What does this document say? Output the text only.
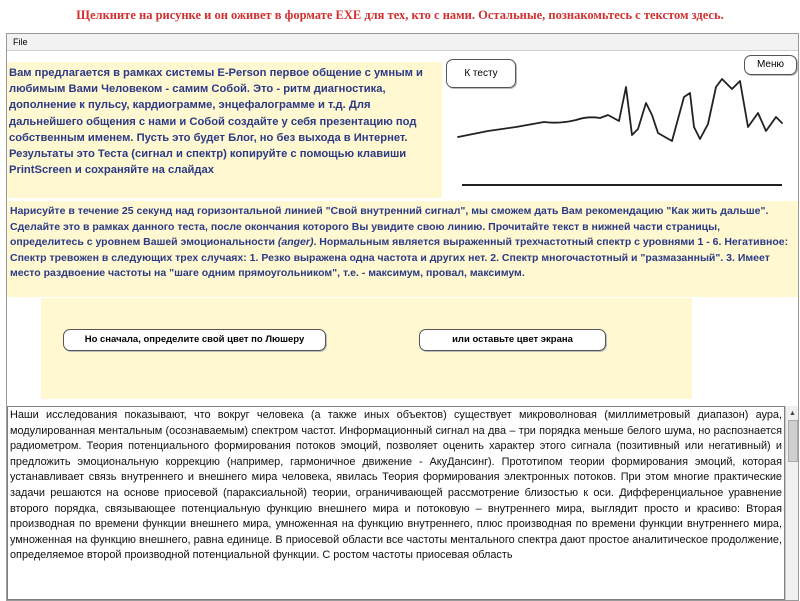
Щелкните на рисунке и он оживет в формате EXE для тех, кто с нами. Остальные, познакомьтесь с текстом здесь.
File
Вам предлагается в рамках системы E-Person первое общение с умным и любимым Вами Человеком - самим Собой. Это - ритм диагностика, дополнение к пульсу, кардиограмме, энцефалограмме и т.д. Для дальнейшего общения с нами и Собой создайте у себя презентацию под собственным именем. Пусть это будет Блог, но без выхода в Интернет. Результаты это Теста (сигнал и спектр) копируйте с помощью клавиши PrintScreen и сохраняйте на слайдах
К тесту
Меню
Нарисуйте в течение 25 секунд над горизонтальной линией "Свой внутренний сигнал", мы сможем дать Вам рекомендацию "Как жить дальше". Сделайте это в рамках данного теста, после окончания которого Вы увидите свою линию. Прочитайте текст в нижней части страницы, определитесь с уровнем Вашей эмоциональности (anger). Нормальным является выраженный трехчастотный спектр с уровнями 1 - 6. Негативное: Спектр тревожен в следующих трех случаях: 1. Резко выражена одна частота и других нет. 2. Спектр многочастотный и "размазанный". 3. Имеет место раздвоение частоты на "шаге одним прямоугольником", т.е. - максимум, провал, максимум.
Но сначала, определите свой цвет по Люшеру	или оставьте цвет экрана
Наши исследования показывают, что вокруг человека (а также иных объектов) существует микроволновая (миллиметровый диапазон) аура, модулированная ментальным (осознаваемым) спектром частот. Информационный сигнал на два – три порядка меньше белого шума, но распознается радиометром. Теория потенциального формирования потоков эмоций, позволяет оценить характер этого сигнала (позитивный или негативный) и предложить эмоциональную коррекцию (например, гармоничное движение - АкуДансинг). Прототипом теории формирования эмоций, которая устанавливает связь внутреннего и внешнего мира человека, явилась Теория формирования электронных потоков. При этом многие практические задачи решаются на основе приосевой (параксиальной) теории, ограничивающей рассмотрение близостью к оси. Дифференциальное уравнение второго порядка, связывающее потенциальную функцию внешнего мира и потоковую – внутреннего мира, выглядит просто и красиво: Вторая производная по времени функции внешнего мира, умноженная на функцию внутреннего, плюс производная по времени функции внутреннего мира, умноженная на функцию внешнего, равна единице. В приосевой области все частоты ментального спектра дают простое аналитическое продолжение, определяемое второй производной потенциальной функции. С ростом частоты приосевая область
▲
